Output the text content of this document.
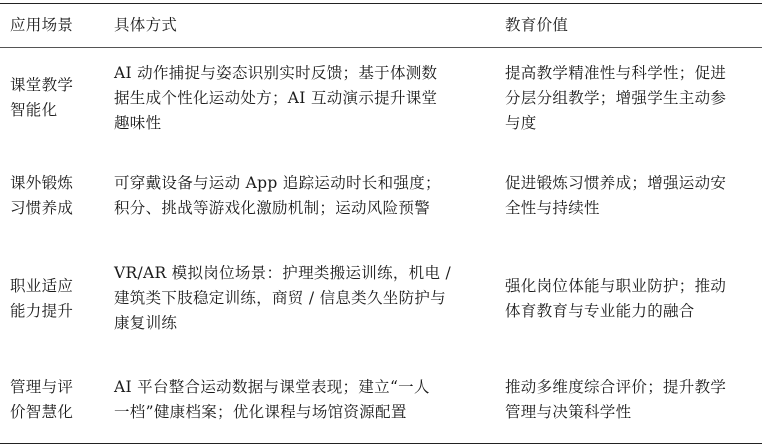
应用场景	具体方式	教育价值
课堂教学
智能化
AI 动作捕捉与姿态识别实时反馈；基于体测数
据生成个性化运动处方；AI 互动演示提升课堂
趣味性
提高教学精准性与科学性；促进
分层分组教学；增强学生主动参
与度
课外锻炼
习惯养成
可穿戴设备与运动 App 追踪运动时长和强度；
积分、挑战等游戏化激励机制；运动风险预警
促进锻炼习惯养成；增强运动安
全性与持续性
职业适应
能力提升
VR/AR 模拟岗位场景：护理类搬运训练，机电 /
建筑类下肢稳定训练，商贸 / 信息类久坐防护与
康复训练
强化岗位体能与职业防护；推动
体育教育与专业能力的融合
管理与评
价智慧化
AI 平台整合运动数据与课堂表现；建立“一人
一档”健康档案；优化课程与场馆资源配置
推动多维度综合评价；提升教学
管理与决策科学性
